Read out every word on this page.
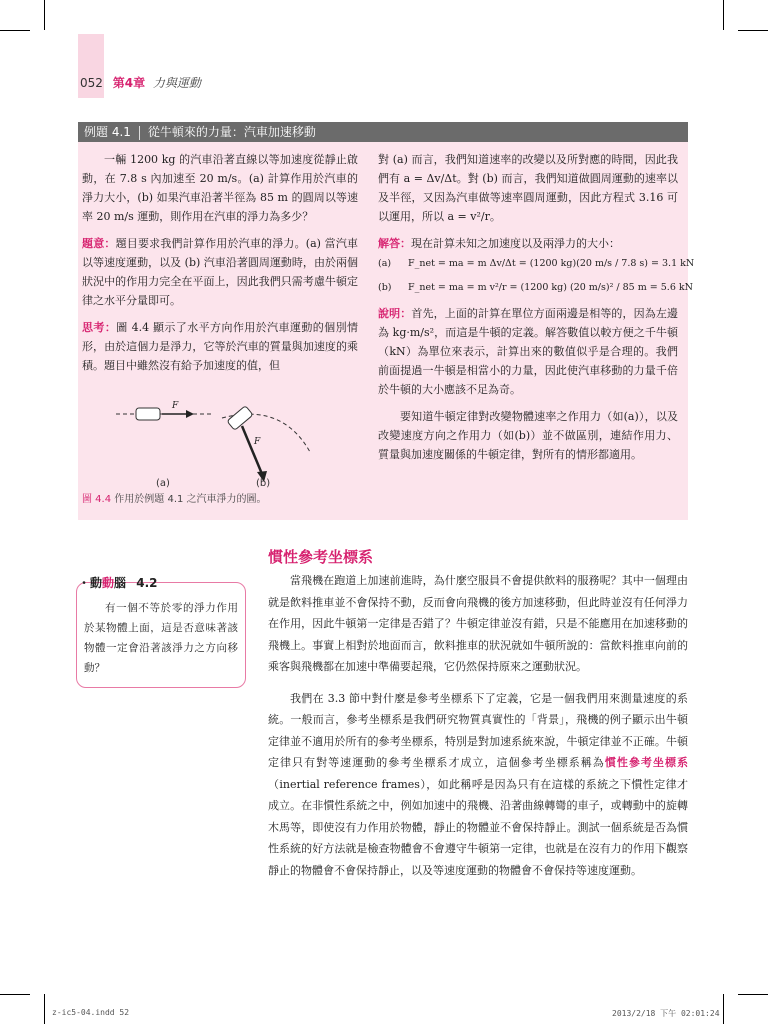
052 第4章 力與運動
例題 4.1 從牛頓來的力量：汽車加速移動

一輛 1200 kg 的汽車沿著直線以等加速度從靜止啟動，在 7.8 s 內加速至 20 m/s。(a) 計算作用於汽車的淨力大小，(b) 如果汽車沿著半徑為 85 m 的圓周以等速率 20 m/s 運動，則作用在汽車的淨力為多少？

題意：題目要求我們計算作用於汽車的淨力。(a) 當汽車以等速度運動，以及 (b) 汽車沿著圓周運動時，由於兩個狀況中的作用力完全在平面上，因此我們只需考慮牛頓定律之水平分量即可。

思考：圖 4.4 顯示了水平方向作用於汽車運動的個別情形，由於這個力是淨力，它等於汽車的質量與加速度的乘積。題目中雖然沒有給予加速度的值，但

F
F
(a)	(b)
圖 4.4 作用於例題 4.1 之汽車淨力的圖。

對 (a) 而言，我們知道速率的改變以及所對應的時間，因此我們有 a = Δv/Δt。對 (b) 而言，我們知道做圓周運動的速率以及半徑，又因為汽車做等速率圓周運動，因此方程式 3.16 可以運用，所以 a = v²/r。

解答：現在計算未知之加速度以及兩淨力的大小：

(a) F_net = ma = m Δv/Δt = (1200 kg)(20 m/s / 7.8 s) = 3.1 kN
(b) F_net = ma = m v²/r = (1200 kg) (20 m/s)² / 85 m = 5.6 kN

說明：首先，上面的計算在單位方面兩邊是相等的，因為左邊為 kg·m/s²，而這是牛頓的定義。解答數值以較方便之千牛頓（kN）為單位來表示，計算出來的數值似乎是合理的。我們前面提過一牛頓是相當小的力量，因此使汽車移動的力量千倍於牛頓的大小應該不足為奇。

要知道牛頓定律對改變物體速率之作用力（如(a)），以及改變速度方向之作用力（如(b)）並不做區別，連結作用力、質量與加速度關係的牛頓定律，對所有的情形都適用。

慣性參考坐標系

當飛機在跑道上加速前進時，為什麼空服員不會提供飲料的服務呢？其中一個理由就是飲料推車並不會保持不動，反而會向飛機的後方加速移動，但此時並沒有任何淨力在作用，因此牛頓第一定律是否錯了？牛頓定律並沒有錯，只是不能應用在加速移動的飛機上。事實上相對於地面而言，飲料推車的狀況就如牛頓所說的：當飲料推車向前的乘客與飛機都在加速中準備要起飛，它仍然保持原來之運動狀況。

我們在 3.3 節中對什麼是參考坐標系下了定義，它是一個我們用來測量速度的系統。一般而言，參考坐標系是我們研究物質真實性的「背景」，飛機的例子顯示出牛頓定律並不適用於所有的參考坐標系，特別是對加速系統來說，牛頓定律並不正確。牛頓定律只有對等速運動的參考坐標系才成立，這個參考坐標系稱為慣性參考坐標系（inertial reference frames），如此稱呼是因為只有在這樣的系統之下慣性定律才成立。在非慣性系統之中，例如加速中的飛機、沿著曲線轉彎的車子，或轉動中的旋轉木馬等，即使沒有力作用於物體，靜止的物體並不會保持靜止。測試一個系統是否為慣性系統的好方法就是檢查物體會不會遵守牛頓第一定律，也就是在沒有力的作用下觀察靜止的物體會不會保持靜止，以及等速度運動的物體會不會保持等速度運動。

・動動腦 4.2
有一個不等於零的淨力作用於某物體上面，這是否意味著該物體一定會沿著該淨力之方向移動？
z-ic5-04.indd 52	2013/2/18 下午 02:01:24
